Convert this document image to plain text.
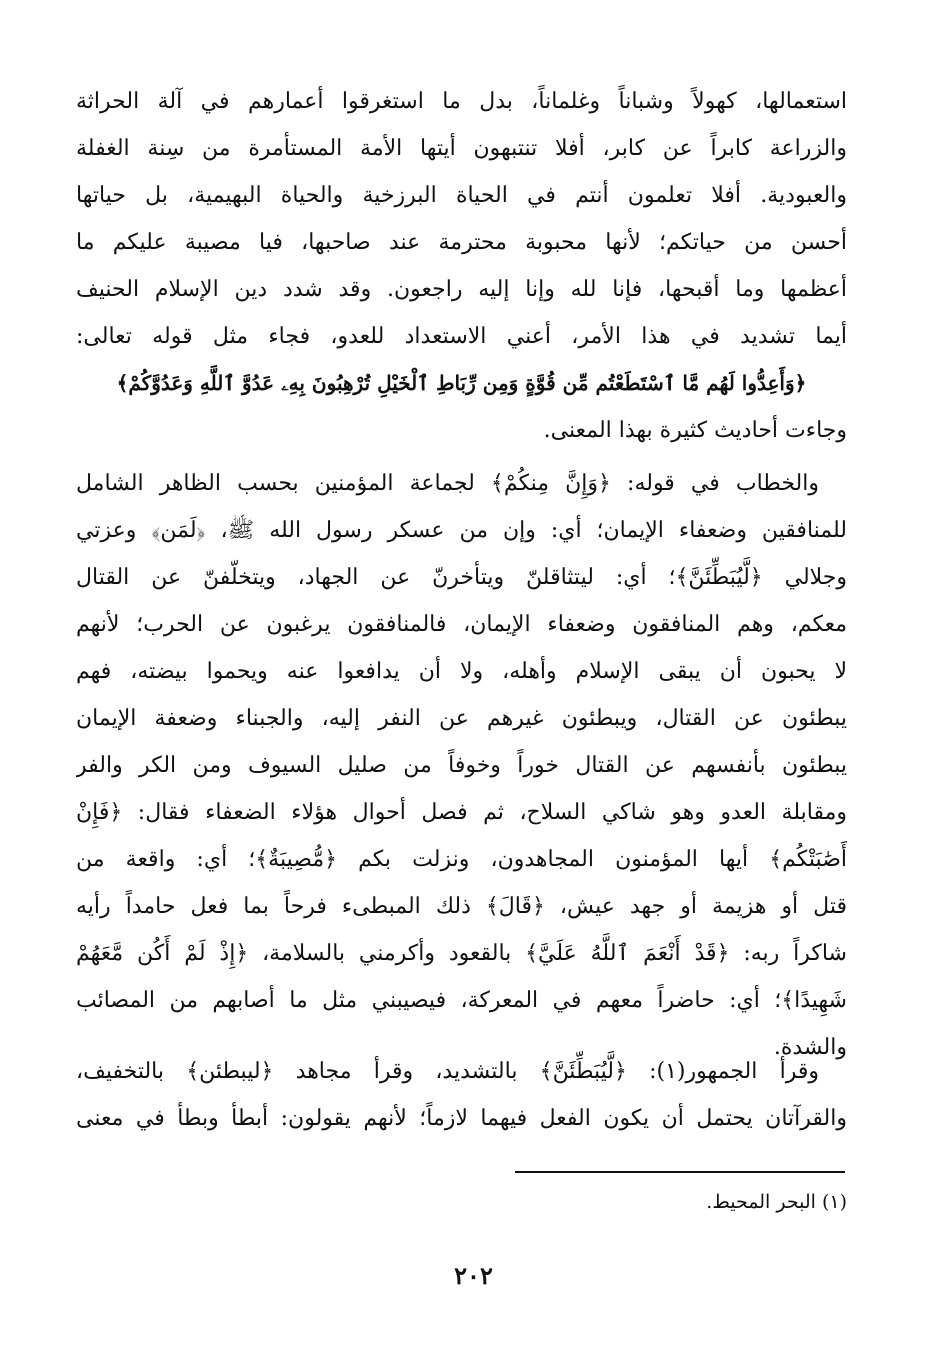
استعمالها، كهولاً وشباناً وغلماناً، بدل ما استغرقوا أعمارهم في آلة الحراثة
والزراعة كابراً عن كابر، أفلا تنتبهون أيتها الأمة المستأمرة من سِنة الغفلة
والعبودية. أفلا تعلمون أنتم في الحياة البرزخية والحياة البهيمية، بل حياتها
أحسن من حياتكم؛ لأنها محبوبة محترمة عند صاحبها، فيا مصيبة عليكم ما
أعظمها وما أقبحها، فإنا لله وإنا إليه راجعون. وقد شدد دين الإسلام الحنيف
أيما تشديد في هذا الأمر، أعني الاستعداد للعدو، فجاء مثل قوله تعالى:
﴿وَأَعِدُّوا لَهُم مَّا ٱسْتَطَعْتُم مِّن قُوَّةٍ وَمِن رِّبَاطِ ٱلْخَيْلِ تُرْهِبُونَ بِهِۦ عَدُوَّ ٱللَّهِ وَعَدُوَّكُمْ﴾
وجاءت أحاديث كثيرة بهذا المعنى.
والخطاب في قوله: ﴿وَإِنَّ مِنكُمْ﴾ لجماعة المؤمنين بحسب الظاهر الشامل
للمنافقين وضعفاء الإيمان؛ أي: وإن من عسكر رسول الله ﷺ، ﴿لَمَن﴾ وعزتي
وجلالي ﴿لَّيُبَطِّئَنَّ﴾؛ أي: ليتثاقلنّ ويتأخرنّ عن الجهاد، ويتخلّفنّ عن القتال
معكم، وهم المنافقون وضعفاء الإيمان، فالمنافقون يرغبون عن الحرب؛ لأنهم
لا يحبون أن يبقى الإسلام وأهله، ولا أن يدافعوا عنه ويحموا بيضته، فهم
يبطئون عن القتال، ويبطئون غيرهم عن النفر إليه، والجبناء وضعفة الإيمان
يبطئون بأنفسهم عن القتال خوراً وخوفاً من صليل السيوف ومن الكر والفر
ومقابلة العدو وهو شاكي السلاح، ثم فصل أحوال هؤلاء الضعفاء فقال: ﴿فَإِنْ
أَصَٰبَتْكُم﴾ أيها المؤمنون المجاهدون، ونزلت بكم ﴿مُّصِيبَةٌ﴾؛ أي: واقعة من
قتل أو هزيمة أو جهد عيش، ﴿قَالَ﴾ ذلك المبطىء فرحاً بما فعل حامداً رأيه
شاكراً ربه: ﴿قَدْ أَنْعَمَ ٱللَّهُ عَلَيَّ﴾ بالقعود وأكرمني بالسلامة، ﴿إِذْ لَمْ أَكُن مَّعَهُمْ
شَهِيدًا﴾؛ أي: حاضراً معهم في المعركة، فيصيبني مثل ما أصابهم من المصائب
والشدة.
وقرأ الجمهور(١): ﴿لَّيُبَطِّئَنَّ﴾ بالتشديد، وقرأ مجاهد ﴿ليبطئن﴾ بالتخفيف،
والقرآتان يحتمل أن يكون الفعل فيهما لازماً؛ لأنهم يقولون: أبطأ وبطأ في معنى
(١) البحر المحيط.
٢٠٢
